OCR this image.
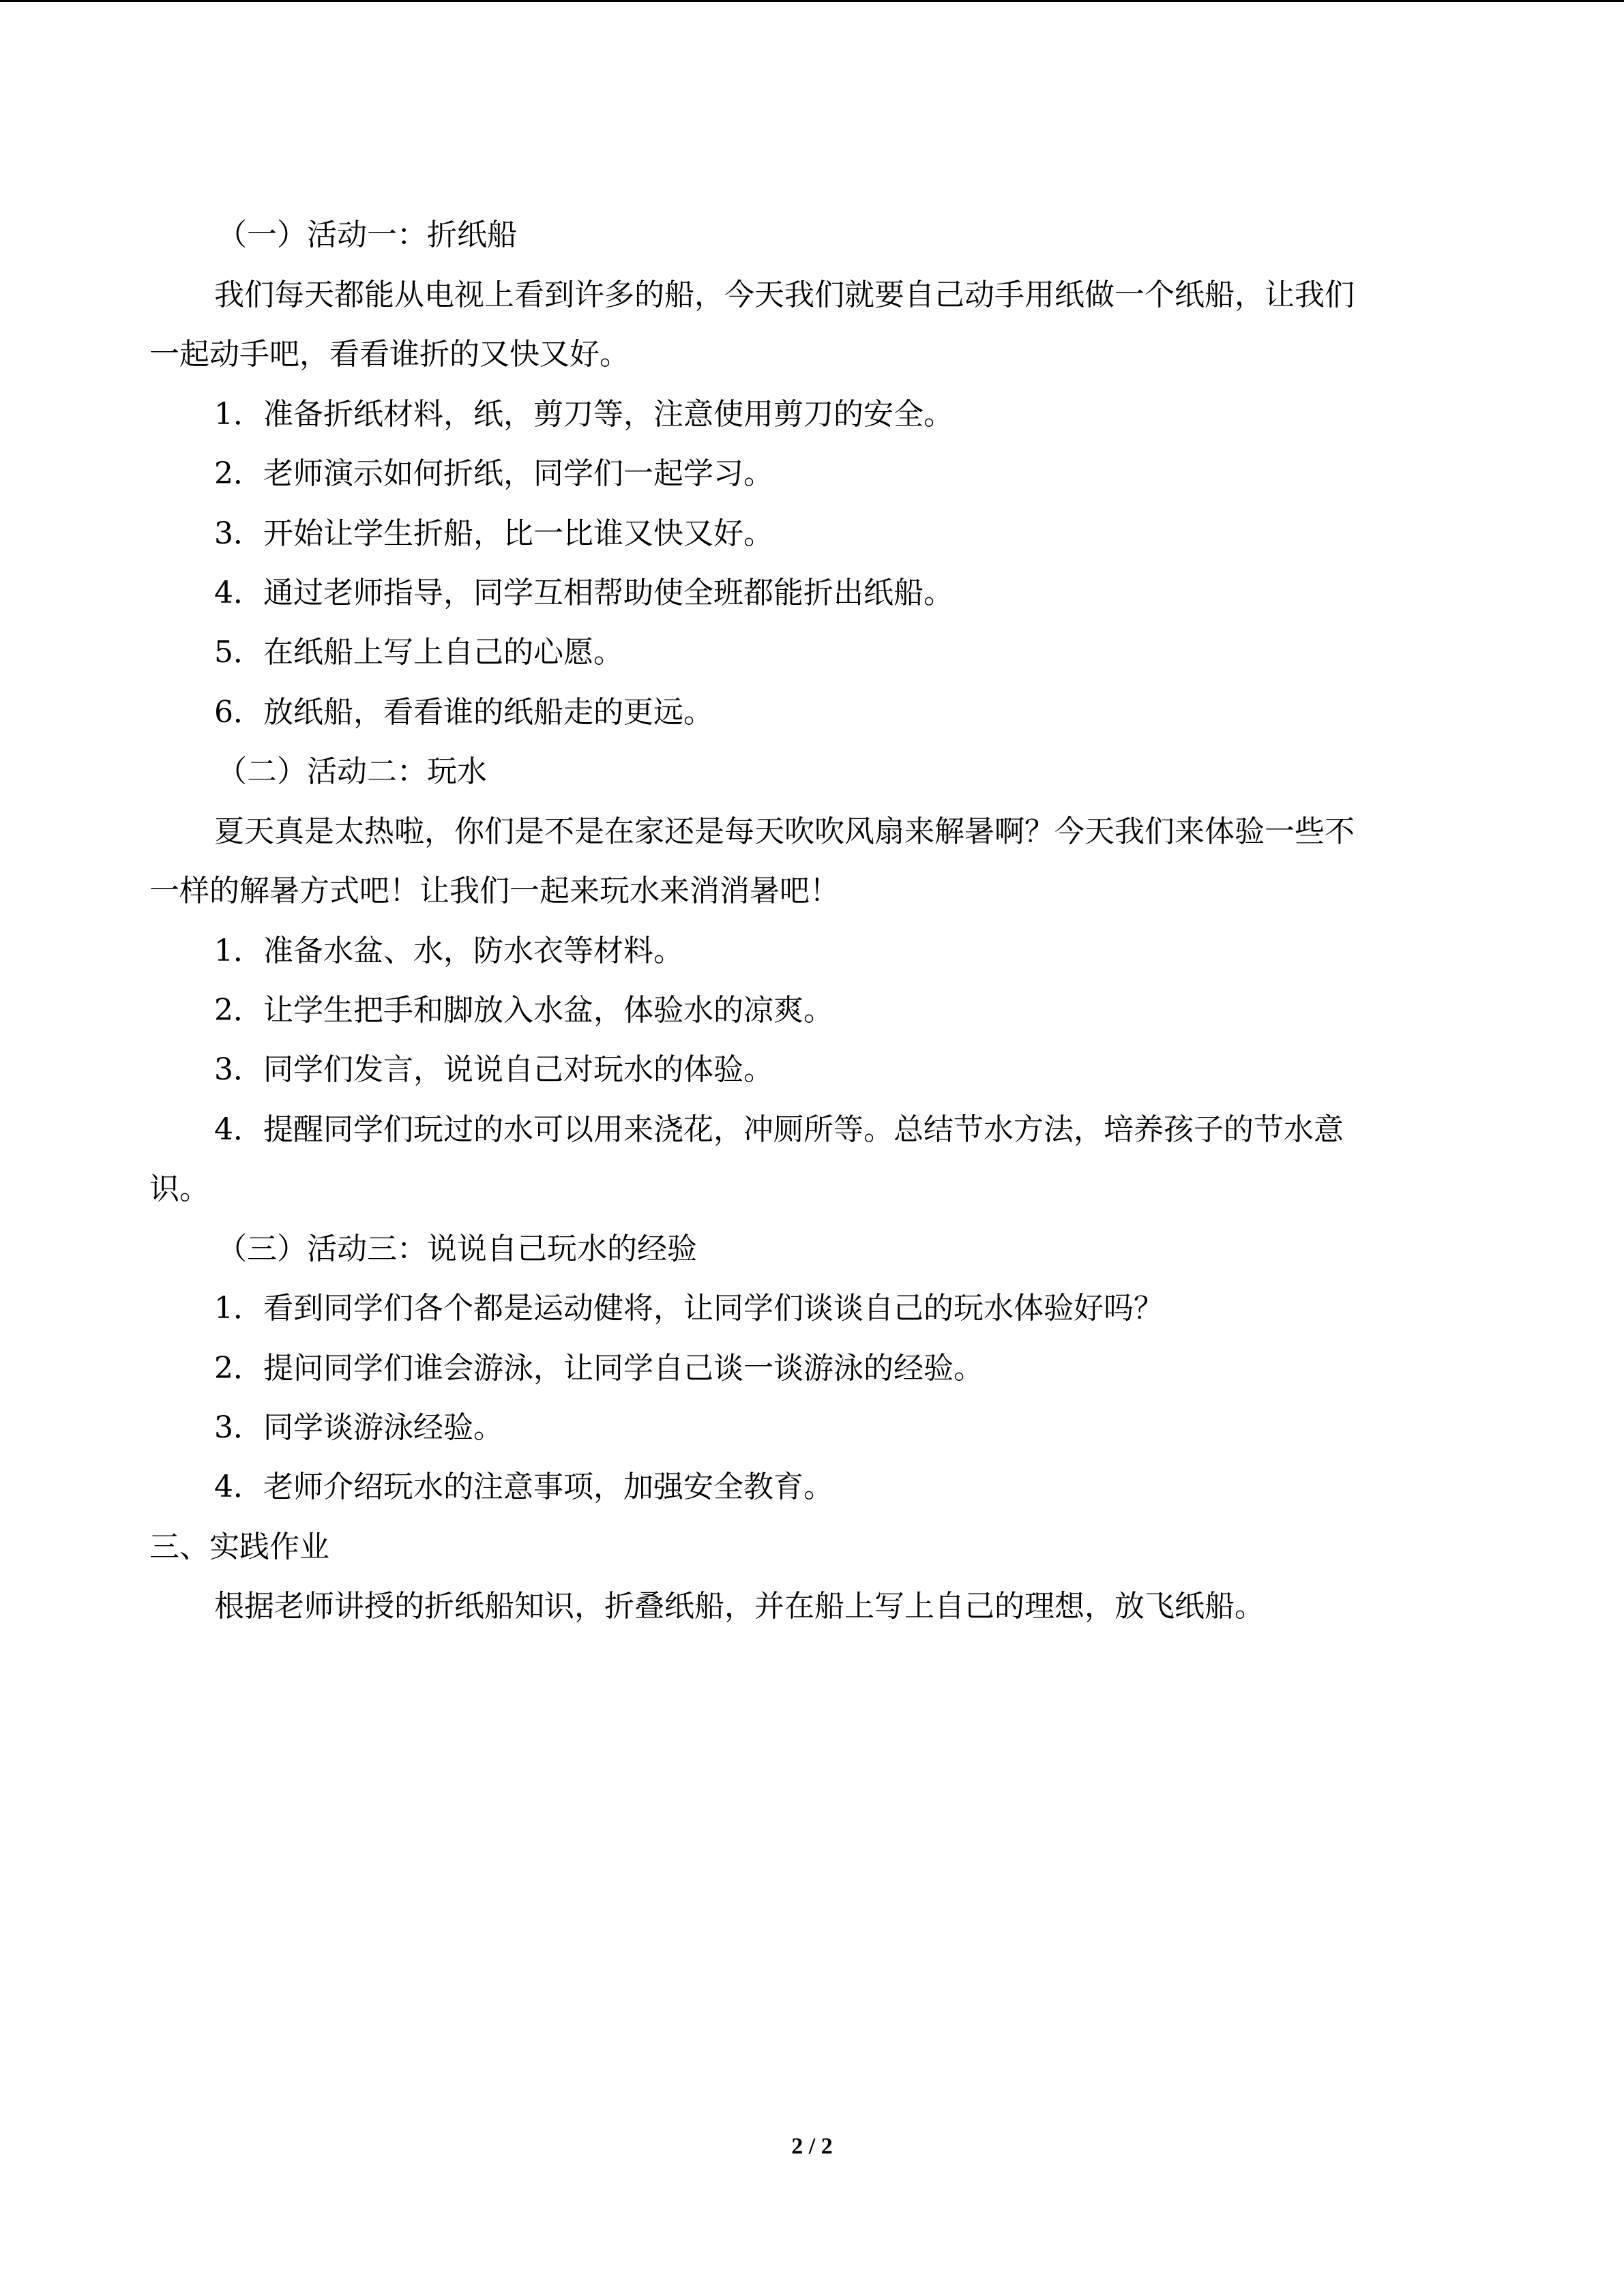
（一）活动一：折纸船
我们每天都能从电视上看到许多的船，今天我们就要自己动手用纸做一个纸船，让我们
一起动手吧，看看谁折的又快又好。
1．准备折纸材料，纸，剪刀等，注意使用剪刀的安全。
2．老师演示如何折纸，同学们一起学习。
3．开始让学生折船，比一比谁又快又好。
4．通过老师指导，同学互相帮助使全班都能折出纸船。
5．在纸船上写上自己的心愿。
6．放纸船，看看谁的纸船走的更远。
（二）活动二：玩水
夏天真是太热啦，你们是不是在家还是每天吹吹风扇来解暑啊？今天我们来体验一些不
一样的解暑方式吧！让我们一起来玩水来消消暑吧！
1．准备水盆、水，防水衣等材料。
2．让学生把手和脚放入水盆，体验水的凉爽。
3．同学们发言，说说自己对玩水的体验。
4．提醒同学们玩过的水可以用来浇花，冲厕所等。总结节水方法，培养孩子的节水意
识。
（三）活动三：说说自己玩水的经验
1．看到同学们各个都是运动健将，让同学们谈谈自己的玩水体验好吗？
2．提问同学们谁会游泳，让同学自己谈一谈游泳的经验。
3．同学谈游泳经验。
4．老师介绍玩水的注意事项，加强安全教育。
三、实践作业
根据老师讲授的折纸船知识，折叠纸船，并在船上写上自己的理想，放飞纸船。
2 / 2
